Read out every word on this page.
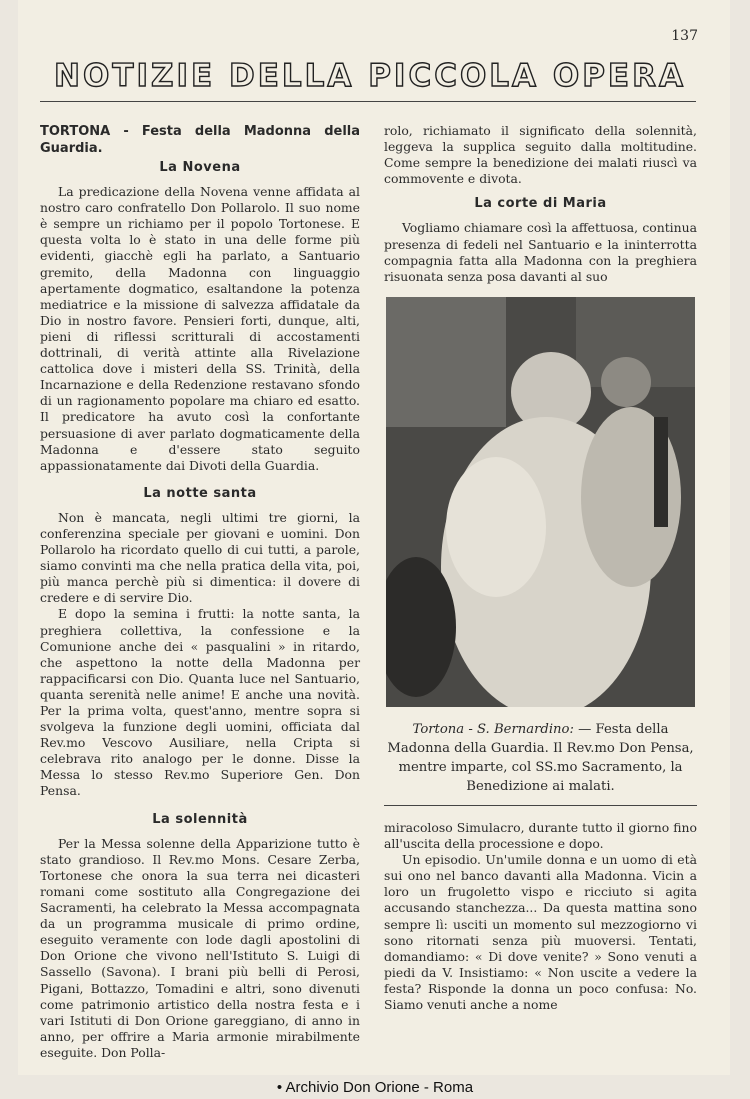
137
NOTIZIE DELLA PICCOLA OPERA
TORTONA - Festa della Madonna della Guardia.
La Novena

La predicazione della Novena venne affidata al nostro caro confratello Don Pollarolo. Il suo nome è sempre un richiamo per il popolo Tortonese. E questa volta lo è stato in una delle forme più evidenti, giacchè egli ha parlato, a Santuario gremito, della Madonna con linguaggio apertamente dogmatico, esaltandone la potenza mediatrice e la missione di salvezza affidatale da Dio in nostro favore. Pensieri forti, dunque, alti, pieni di riflessi scritturali di accostamenti dottrinali, di verità attinte alla Rivelazione cattolica dove i misteri della SS. Trinità, della Incarnazione e della Redenzione restavano sfondo di un ragionamento popolare ma chiaro ed esatto. Il predicatore ha avuto così la confortante persuasione di aver parlato dogmaticamente della Madonna e d'essere stato seguito appassionatamente dai Divoti della Guardia.

La notte santa

Non è mancata, negli ultimi tre giorni, la conferenzina speciale per giovani e uomini. Don Pollarolo ha ricordato quello di cui tutti, a parole, siamo convinti ma che nella pratica della vita, poi, più manca perchè più si dimentica: il dovere di credere e di servire Dio.

E dopo la semina i frutti: la notte santa, la preghiera collettiva, la confessione e la Comunione anche dei « pasqualini » in ritardo, che aspettono la notte della Madonna per rappacificarsi con Dio. Quanta luce nel Santuario, quanta serenità nelle anime! E anche una novità. Per la prima volta, quest'anno, mentre sopra si svolgeva la funzione degli uomini, officiata dal Rev.mo Vescovo Ausiliare, nella Cripta si celebrava rito analogo per le donne. Disse la Messa lo stesso Rev.mo Superiore Gen. Don Pensa.

La solennità

Per la Messa solenne della Apparizione tutto è stato grandioso. Il Rev.mo Mons. Cesare Zerba, Tortonese che onora la sua terra nei dicasteri romani come sostituto alla Congregazione dei Sacramenti, ha celebrato la Messa accompagnata da un programma musicale di primo ordine, eseguito veramente con lode dagli apostolini di Don Orione che vivono nell'Istituto S. Luigi di Sassello (Savona). I brani più belli di Perosi, Pigani, Bottazzo, Tomadini e altri, sono divenuti come patrimonio artistico della nostra festa e i vari Istituti di Don Orione gareggiano, di anno in anno, per offrire a Maria armonie mirabilmente eseguite. Don Polla-

rolo, richiamato il significato della solennità, leggeva la supplica seguito dalla moltitudine. Come sempre la benedizione dei malati riuscì va commovente e divota.

La corte di Maria

Vogliamo chiamare così la affettuosa, continua presenza di fedeli nel Santuario e la ininterrotta compagnia fatta alla Madonna con la preghiera risuonata senza posa davanti al suo

Tortona - S. Bernardino: — Festa della Madonna della Guardia. Il Rev.mo Don Pensa, mentre imparte, col SS.mo Sacramento, la Benedizione ai malati.

miracoloso Simulacro, durante tutto il giorno fino all'uscita della processione e dopo.

Un episodio. Un'umile donna e un uomo di età sui ono nel banco davanti alla Madonna. Vicin a loro un frugoletto vispo e ricciuto si agita accusando stanchezza... Da questa mattina sono sempre lì: usciti un momento sul mezzogiorno vi sono ritornati senza più muoversi. Tentati, domandiamo: « Di dove venite? » Sono venuti a piedi da V. Insistiamo: « Non uscite a vedere la festa? Risponde la donna un poco confusa: No. Siamo venuti anche a nome

• Archivio Don Orione - Roma
